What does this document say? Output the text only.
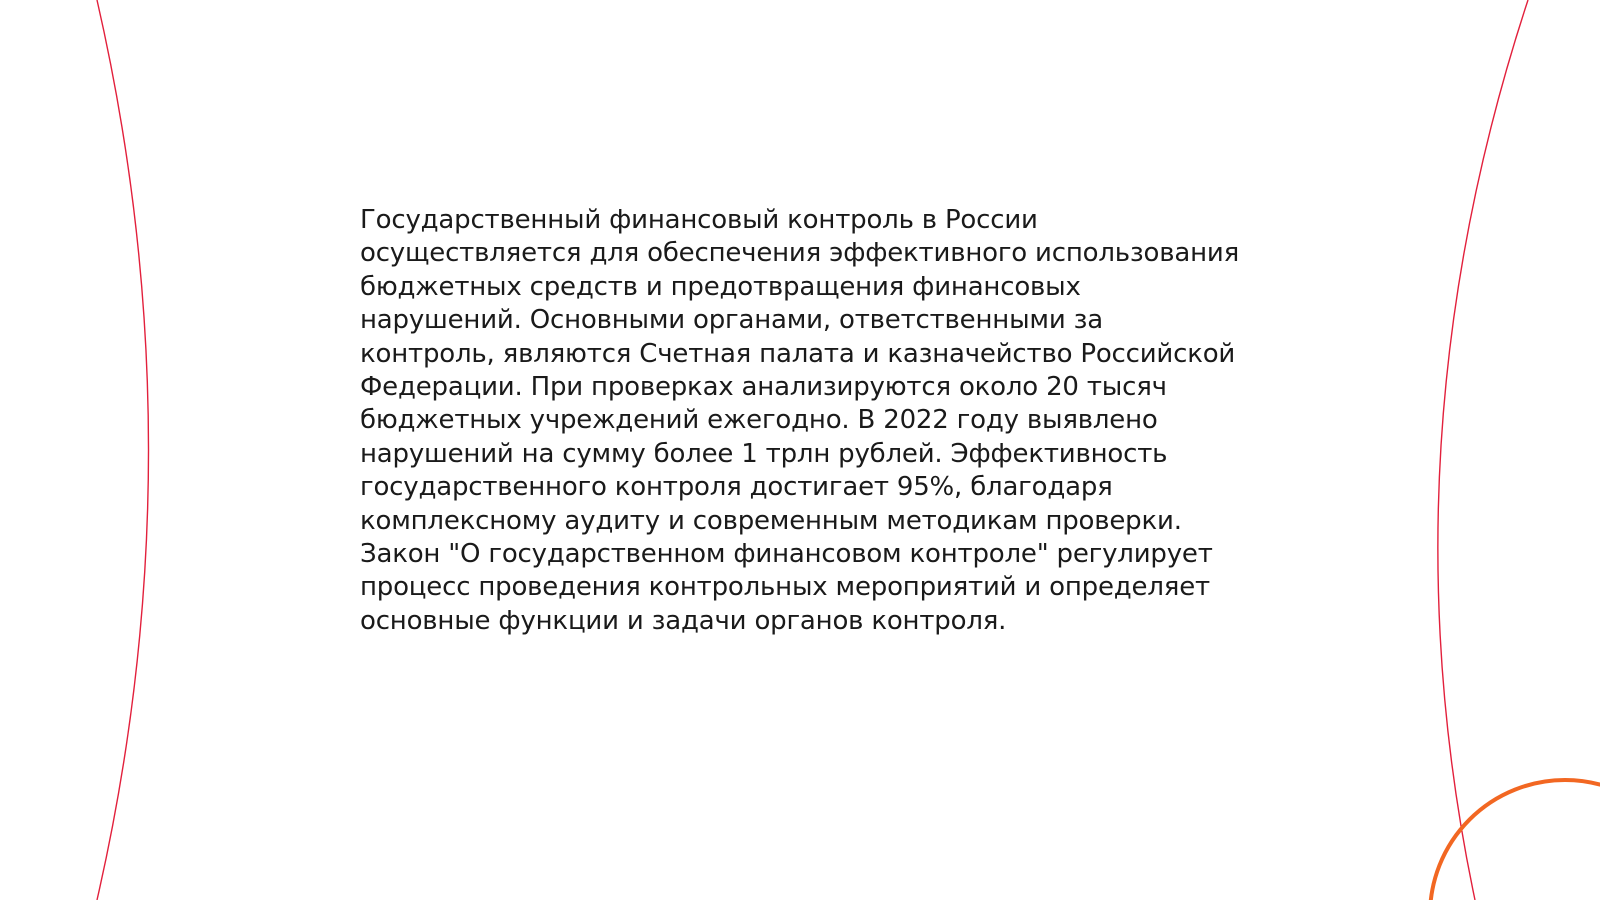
Государственный финансовый контроль в России
осуществляется для обеспечения эффективного использования
бюджетных средств и предотвращения финансовых
нарушений. Основными органами, ответственными за
контроль, являются Счетная палата и казначейство Российской
Федерации. При проверках анализируются около 20 тысяч
бюджетных учреждений ежегодно. В 2022 году выявлено
нарушений на сумму более 1 трлн рублей. Эффективность
государственного контроля достигает 95%, благодаря
комплексному аудиту и современным методикам проверки.
Закон "О государственном финансовом контроле" регулирует
процесс проведения контрольных мероприятий и определяет
основные функции и задачи органов контроля.
